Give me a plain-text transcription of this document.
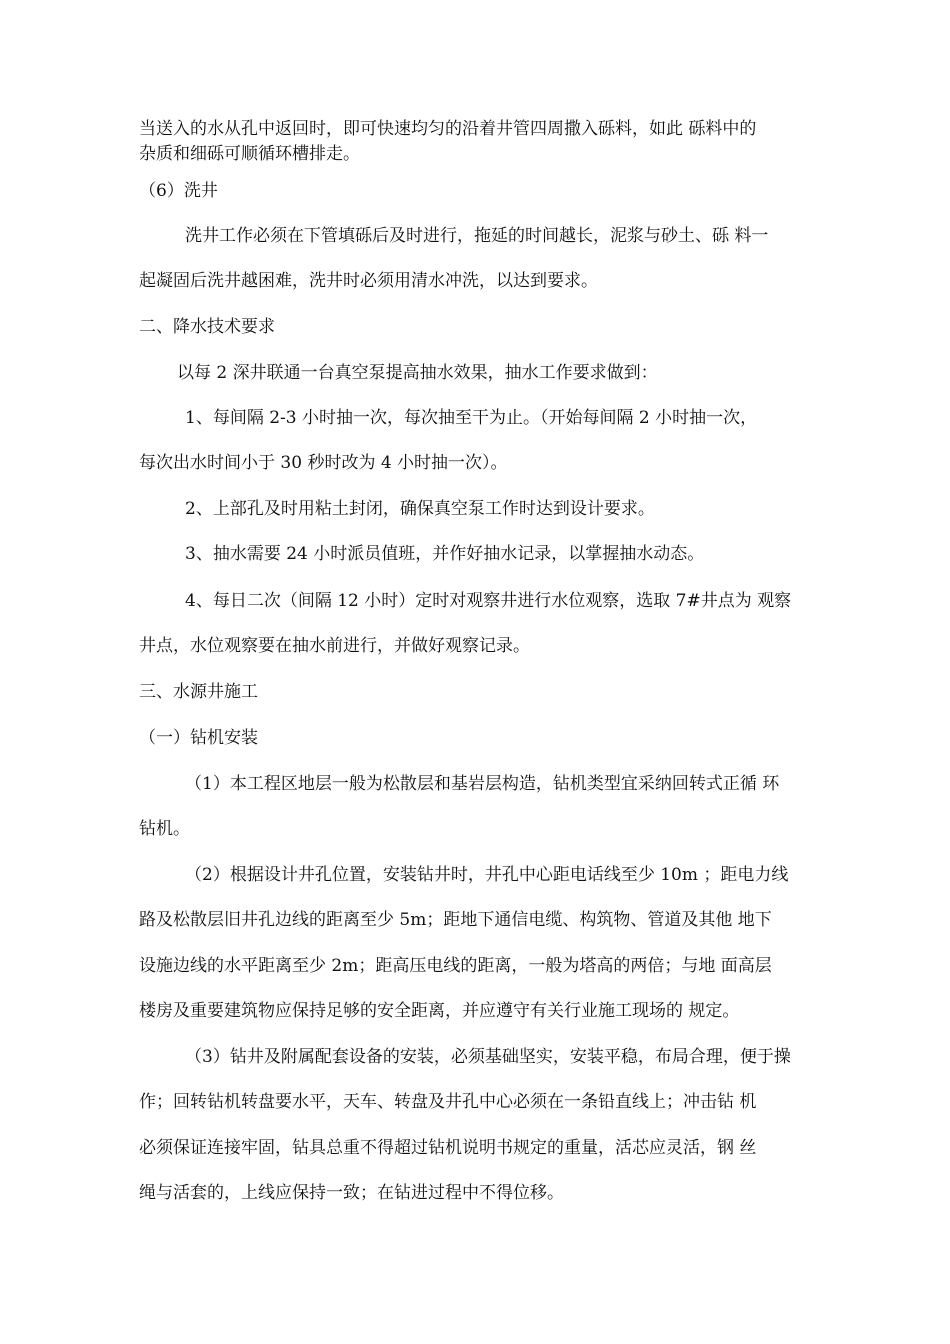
当送入的水从孔中返回时，即可快速均匀的沿着井管四周撒入砾料，如此 砾料中的
杂质和细砾可顺循环槽排走。
（6）洗井
洗井工作必须在下管填砾后及时进行，拖延的时间越长，泥浆与砂土、砾 料一
起凝固后洗井越困难，洗井时必须用清水冲洗，以达到要求。
二、降水技术要求
以每 2 深井联通一台真空泵提高抽水效果，抽水工作要求做到：
1、每间隔 2-3 小时抽一次，每次抽至干为止。（开始每间隔 2 小时抽一次，
每次出水时间小于 30 秒时改为 4 小时抽一次）。
2、上部孔及时用粘土封闭，确保真空泵工作时达到设计要求。
3、抽水需要 24 小时派员值班，并作好抽水记录，以掌握抽水动态。
4、每日二次（间隔 12 小时）定时对观察井进行水位观察，选取 7#井点为 观察
井点，水位观察要在抽水前进行，并做好观察记录。
三、水源井施工
（一）钻机安装
（1）本工程区地层一般为松散层和基岩层构造，钻机类型宜采纳回转式正循 环
钻机。
（2）根据设计井孔位置，安装钻井时，井孔中心距电话线至少 10m ；距电力线
路及松散层旧井孔边线的距离至少 5m；距地下通信电缆、构筑物、管道及其他 地下
设施边线的水平距离至少 2m；距高压电线的距离，一般为塔高的两倍；与地 面高层
楼房及重要建筑物应保持足够的安全距离，并应遵守有关行业施工现场的 规定。
（3）钻井及附属配套设备的安装，必须基础坚实，安装平稳，布局合理，便于操
作；回转钻机转盘要水平，天车、转盘及井孔中心必须在一条铅直线上；冲击钻 机
必须保证连接牢固，钻具总重不得超过钻机说明书规定的重量，活芯应灵活，钢 丝
绳与活套的，上线应保持一致；在钻进过程中不得位移。
